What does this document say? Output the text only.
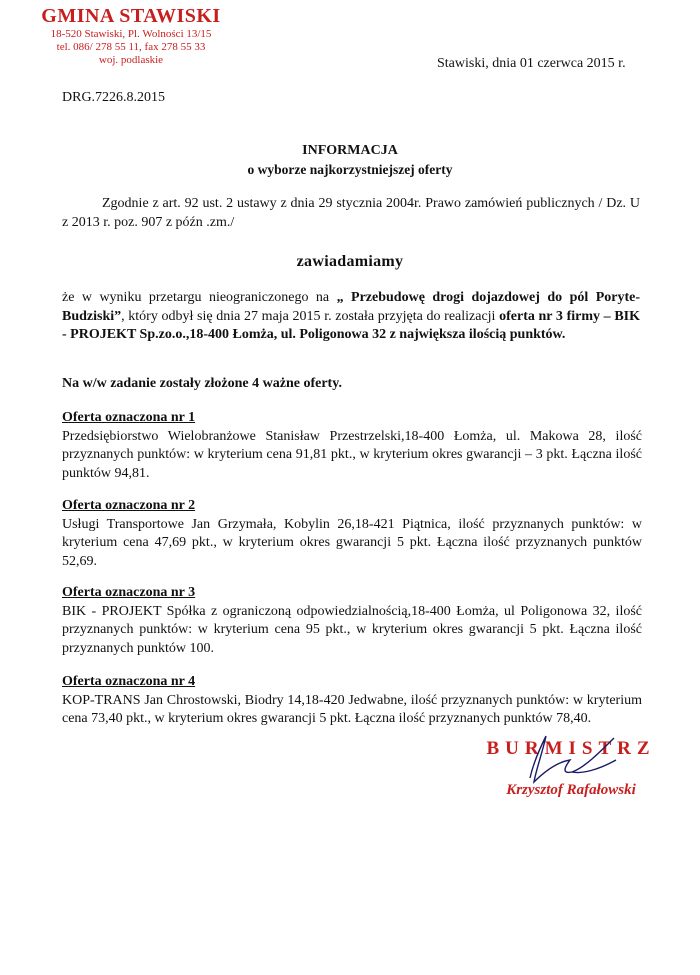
GMINA STAWISKI
18-520 Stawiski, Pl. Wolności 13/15
tel. 086/ 278 55 11, fax 278 55 33
woj. podlaskie	Stawiski, dnia 01 czerwca 2015 r.
DRG.7226.8.2015
INFORMACJA
o wyborze najkorzystniejszej oferty
Zgodnie z art. 92 ust. 2 ustawy z dnia 29 stycznia 2004r. Prawo zamówień publicznych / Dz. U z 2013 r. poz. 907 z późn .zm./
zawiadamiamy
że w wyniku przetargu nieograniczonego na „ Przebudowę drogi dojazdowej do pól Poryte-Budziski”, który odbył się dnia 27 maja 2015 r. została przyjęta do realizacji oferta nr 3 firmy – BIK - PROJEKT Sp.zo.o.,18-400 Łomża, ul. Poligonowa 32 z największa ilością punktów.
Na w/w zadanie zostały złożone 4 ważne oferty.
Oferta oznaczona nr 1
Przedsiębiorstwo Wielobranżowe Stanisław Przestrzelski,18-400 Łomża, ul. Makowa 28, ilość przyznanych punktów: w kryterium cena 91,81 pkt., w kryterium okres gwarancji – 3 pkt. Łączna ilość punktów 94,81.
Oferta oznaczona nr 2
Usługi Transportowe Jan Grzymała, Kobylin 26,18-421 Piątnica, ilość przyznanych punktów: w kryterium cena 47,69 pkt., w kryterium okres gwarancji 5 pkt. Łączna ilość przyznanych punktów 52,69.
Oferta oznaczona nr 3
BIK - PROJEKT Spółka z ograniczoną odpowiedzialnością,18-400 Łomża, ul Poligonowa 32, ilość przyznanych punktów: w kryterium cena 95 pkt., w kryterium okres gwarancji 5 pkt. Łączna ilość przyznanych punktów 100.
Oferta oznaczona nr 4
KOP-TRANS Jan Chrostowski, Biodry 14,18-420 Jedwabne, ilość przyznanych punktów: w kryterium cena 73,40 pkt., w kryterium okres gwarancji 5 pkt. Łączna ilość przyznanych punktów 78,40.
BURMISTRZ
Krzysztof Rafałowski
